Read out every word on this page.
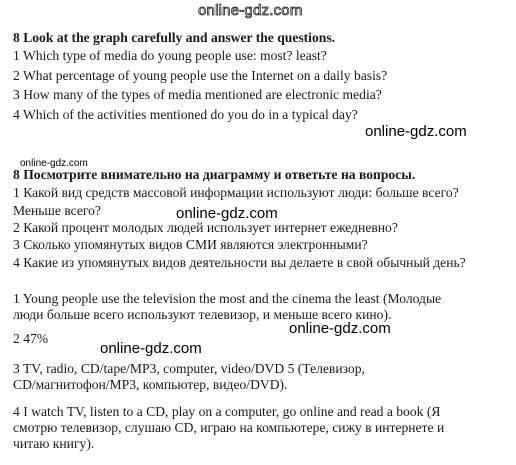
online-gdz.com
online-gdz.com
online-gdz.com
online-gdz.com
online-gdz.com
online-gdz.com
8 Look at the graph carefully and answer the questions.
1 Which type of media do young people use: most? least?
2 What percentage of young people use the Internet on a daily basis?
3 How many of the types of media mentioned are electronic media?
4 Which of the activities mentioned do you do in a typical day?
8 Посмотрите внимательно на диаграмму и ответьте на вопросы.
1 Какой вид средств массовой информации используют люди: больше всего?
Меньше всего?
2 Какой процент молодых людей использует интернет ежедневно?
3 Сколько упомянутых видов СМИ являются электронными?
4 Какие из упомянутых видов деятельности вы делаете в свой обычный день?
1 Young people use the television the most and the cinema the least (Молодые
люди больше всего используют телевизор, и меньше всего кино).
2 47%
3 TV, radio, CD/tape/MP3, computer, video/DVD 5 (Телевизор,
CD/магнитофон/MP3, компьютер, видео/DVD).
4 I watch TV, listen to a CD, play on a computer, go online and read a book (Я
смотрю телевизор, слушаю CD, играю на компьютере, сижу в интернете и
читаю книгу).
